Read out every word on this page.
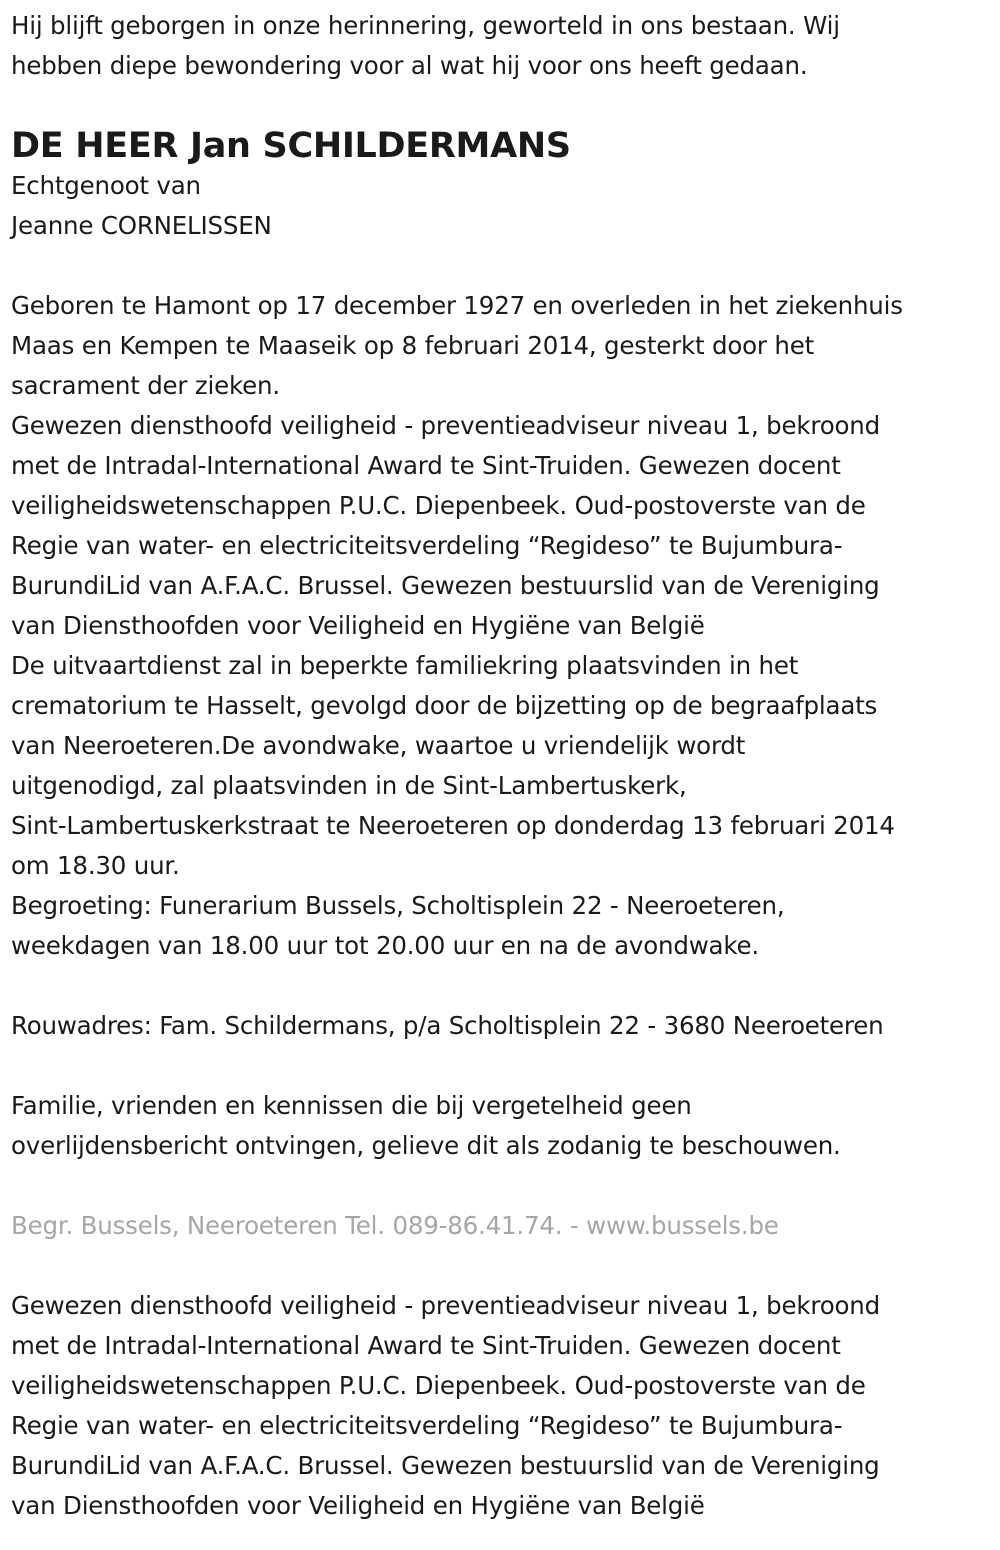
Hij blijft geborgen in onze herinnering, geworteld in ons bestaan. Wij
hebben diepe bewondering voor al wat hij voor ons heeft gedaan.
DE HEER Jan SCHILDERMANS
Echtgenoot van
Jeanne CORNELISSEN
Geboren te Hamont op 17 december 1927 en overleden in het ziekenhuis
Maas en Kempen te Maaseik op 8 februari 2014, gesterkt door het
sacrament der zieken.
Gewezen diensthoofd veiligheid - preventieadviseur niveau 1, bekroond
met de Intradal-International Award te Sint-Truiden. Gewezen docent
veiligheidswetenschappen P.U.C. Diepenbeek. Oud-postoverste van de
Regie van water- en electriciteitsverdeling “Regideso” te Bujumbura-
BurundiLid van A.F.A.C. Brussel. Gewezen bestuurslid van de Vereniging
van Diensthoofden voor Veiligheid en Hygiëne van België
De uitvaartdienst zal in beperkte familiekring plaatsvinden in het
crematorium te Hasselt, gevolgd door de bijzetting op de begraafplaats
van Neeroeteren.De avondwake, waartoe u vriendelijk wordt
uitgenodigd, zal plaatsvinden in de Sint-Lambertuskerk,
Sint-Lambertuskerkstraat te Neeroeteren op donderdag 13 februari 2014
om 18.30 uur.
Begroeting: Funerarium Bussels, Scholtisplein 22 - Neeroeteren,
weekdagen van 18.00 uur tot 20.00 uur en na de avondwake.
Rouwadres: Fam. Schildermans, p/a Scholtisplein 22 - 3680 Neeroeteren
Familie, vrienden en kennissen die bij vergetelheid geen
overlijdensbericht ontvingen, gelieve dit als zodanig te beschouwen.
Begr. Bussels, Neeroeteren Tel. 089-86.41.74. - www.bussels.be
Gewezen diensthoofd veiligheid - preventieadviseur niveau 1, bekroond
met de Intradal-International Award te Sint-Truiden. Gewezen docent
veiligheidswetenschappen P.U.C. Diepenbeek. Oud-postoverste van de
Regie van water- en electriciteitsverdeling “Regideso” te Bujumbura-
BurundiLid van A.F.A.C. Brussel. Gewezen bestuurslid van de Vereniging
van Diensthoofden voor Veiligheid en Hygiëne van België
